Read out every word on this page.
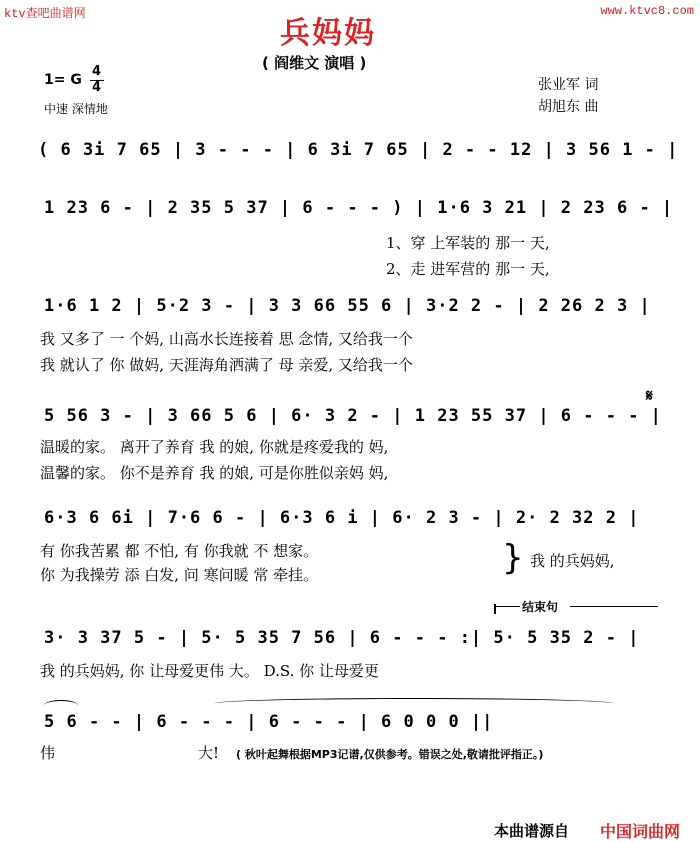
ktv查吧曲谱网	www.ktvc8.com
兵妈妈
( 阎维文 演唱 )
1= G
4
4
中速 深情地
张业军 词
胡旭东 曲
( 6 3i 7 65 | 3 - - - | 6 3i 7 65 | 2 - - 12 | 3 56 1 - |
1 23 6 - | 2 35 5 37 | 6 - - - ) | 1·6 3 21 | 2 23 6 - |
1、穿 上军装的 那一 天,
2、走 进军营的 那一 天,
1·6 1 2 | 5·2 3 - | 3 3 66 55 6 | 3·2 2 - | 2 26 2 3 |
我 又多了 一 个妈, 山高水长连接着 思 念情, 又给我一个
我 就认了 你 做妈, 天涯海角洒满了 母 亲爱, 又给我一个
𝄋
5 56 3 - | 3 66 5 6 | 6· 3 2 - | 1 23 55 37 | 6 - - - |
温暖的家。 离开了养育 我 的娘, 你就是疼爱我的 妈,
温馨的家。 你不是养育 我 的娘, 可是你胜似亲妈 妈,
6·3 6 6i | 7·6 6 - | 6·3 6 i | 6· 2 3 - | 2· 2 32 2 |
有 你我苦累 都 不怕, 有 你我就 不 想家。
你 为我操劳 添 白发, 问 寒问暖 常 牵挂。	} 我 的兵妈妈,
结束句
3· 3 37 5 - | 5· 5 35 7 56 | 6 - - - :| 5· 5 35 2 - |
我 的兵妈妈, 你 让母爱更伟 大。 D.S. 你 让母爱更
5 6 - - | 6 - - - | 6 - - - | 6 0 0 0 ||
伟	大! ( 秋叶起舞根据MP3记谱,仅供参考。错误之处,敬请批评指正。)
本曲谱源自 中国词曲网
